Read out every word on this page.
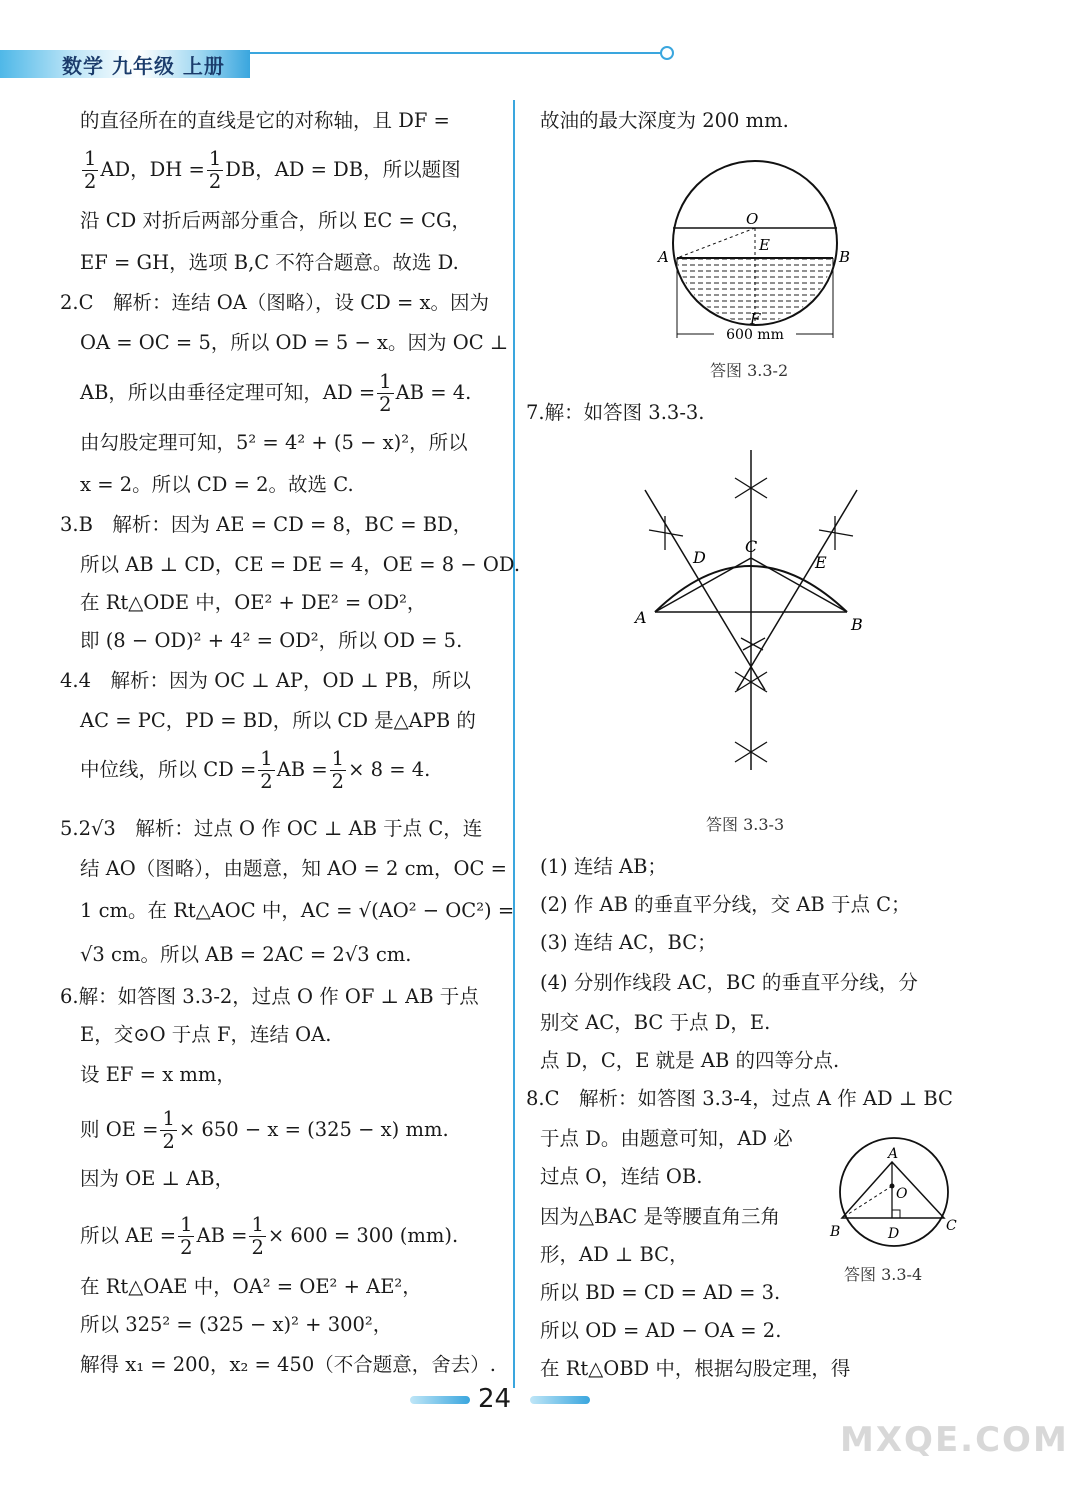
数学 九年级 上册
的直径所在的直线是它的对称轴，且 DF =
$\frac{1}{2}$ AD，DH = $\frac{1}{2}$ DB，AD = DB，所以题图
沿 CD 对折后两部分重合，所以 EC = CG，
EF = GH，选项 B,C 不符合题意。故选 D.
2.C　解析：连结 OA（图略），设 CD = x。因为
OA = OC = 5，所以 OD = 5 − x。因为 OC ⊥
AB，所以由垂径定理可知，AD = $\frac{1}{2}$ AB = 4.
由勾股定理可知，5² = 4² + (5 − x)²，所以
x = 2。所以 CD = 2。故选 C.
3.B　解析：因为 AE = CD = 8，BC = BD，
所以 AB ⊥ CD，CE = DE = 4，OE = 8 − OD.
在 Rt△ODE 中，OE² + DE² = OD²，
即 (8 − OD)² + 4² = OD²，所以 OD = 5.
4.4　解析：因为 OC ⊥ AP，OD ⊥ PB，所以
AC = PC，PD = BD，所以 CD 是△APB 的
中位线，所以 CD = $\frac{1}{2}$ AB = $\frac{1}{2} \times 8 = 4$.
5.2√3　解析：过点 O 作 OC ⊥ AB 于点 C，连
结 AO（图略），由题意，知 AO = 2 cm，OC =
1 cm。在 Rt△AOC 中，AC = √(AO² − OC²) =
√3 cm。所以 AB = 2AC = 2√3 cm.
6.解：如答图 3.3-2，过点 O 作 OF ⊥ AB 于点
E，交⊙O 于点 F，连结 OA.
设 EF = x mm，
则 OE = $\frac{1}{2} \times 650 - x = (325 - x)$ mm.
因为 OE ⊥ AB，
所以 AE = $\frac{1}{2}$ AB = $\frac{1}{2} \times 600 = 300$ (mm).
在 Rt△OAE 中，OA² = OE² + AE²，
所以 325² = (325 − x)² + 300²，
解得 x₁ = 200，x₂ = 450（不合题意，舍去）.
故油的最大深度为 200 mm.
7.解：如答图 3.3-3.
(1) 连结 AB；
(2) 作 AB 的垂直平分线，交 AB 于点 C；
(3) 连结 AC，BC；
(4) 分别作线段 AC，BC 的垂直平分线，分
别交 AC，BC 于点 D，E.
点 D，C，E 就是 AB 的四等分点.
8.C　解析：如答图 3.3-4，过点 A 作 AD ⊥ BC
于点 D。由题意可知，AD 必
过点 O，连结 OB.
因为△BAC 是等腰直角三角
形，AD ⊥ BC，
所以 BD = CD = AD = 3.
所以 OD = AD − OA = 2.
在 Rt△OBD 中，根据勾股定理，得
600 mm
O
E
A	B
F
答图 3.3-2
C
D	E
A	B
答图 3.3-3
A
O
B	D	C
答图 3.3-4
24
MXQE.COM
